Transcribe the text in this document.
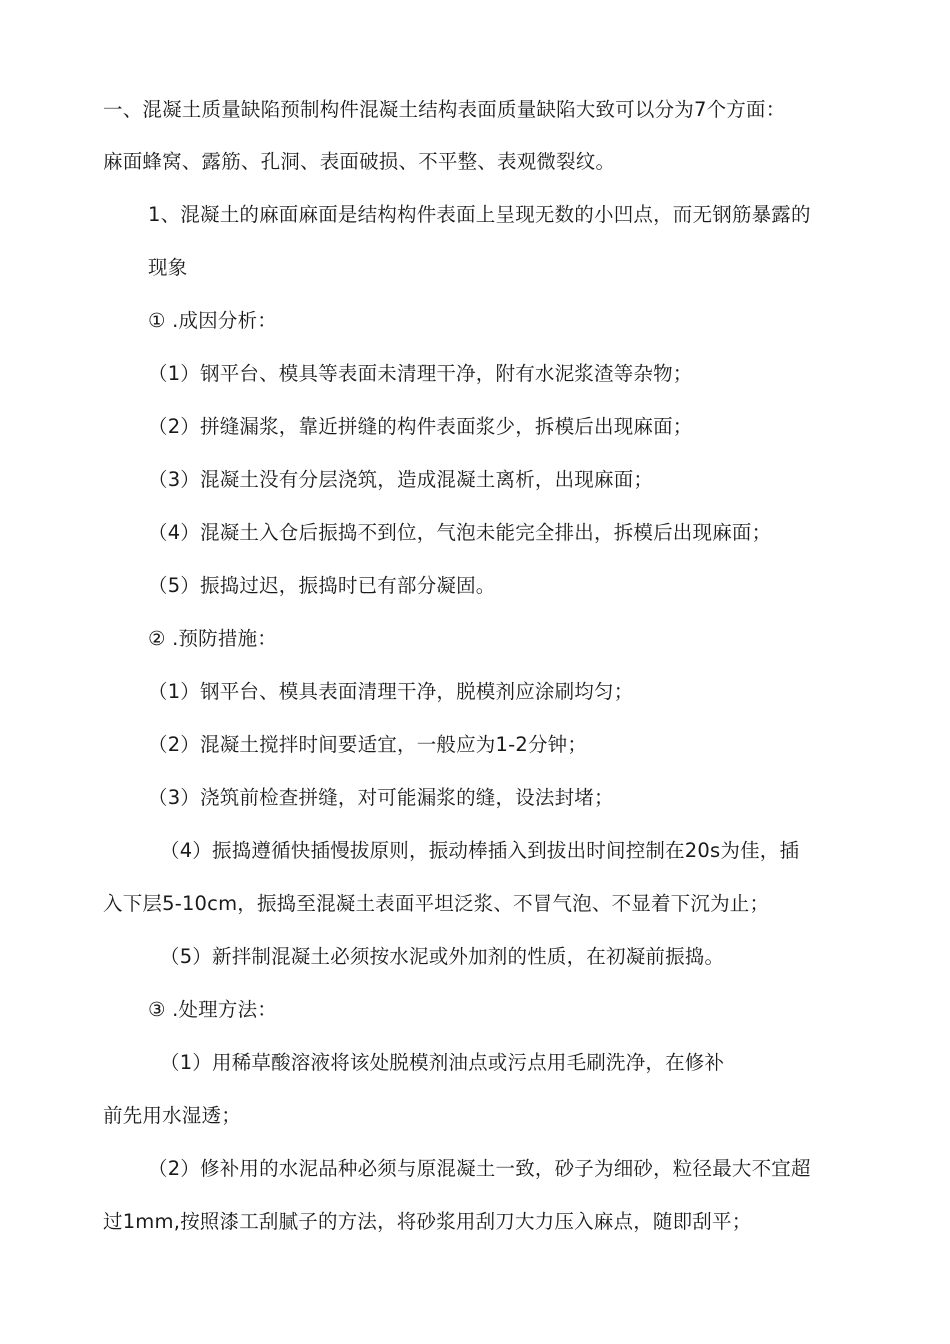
一、混凝土质量缺陷预制构件混凝土结构表面质量缺陷大致可以分为7个方面：
麻面蜂窝、露筋、孔洞、表面破损、不平整、表观微裂纹。
1、混凝土的麻面麻面是结构构件表面上呈现无数的小凹点，而无钢筋暴露的
现象
① .成因分析：
（1）钢平台、模具等表面未清理干净，附有水泥浆渣等杂物；
（2）拼缝漏浆，靠近拼缝的构件表面浆少，拆模后出现麻面；
（3）混凝土没有分层浇筑，造成混凝土离析，出现麻面；
（4）混凝土入仓后振捣不到位，气泡未能完全排出，拆模后出现麻面；
（5）振捣过迟，振捣时已有部分凝固。
② .预防措施：
（1）钢平台、模具表面清理干净，脱模剂应涂刷均匀；
（2）混凝土搅拌时间要适宜，一般应为1-2分钟；
（3）浇筑前检查拼缝，对可能漏浆的缝，设法封堵；
（4）振捣遵循快插慢拔原则，振动棒插入到拔出时间控制在20s为佳，插
入下层5-10cm，振捣至混凝土表面平坦泛浆、不冒气泡、不显着下沉为止；
（5）新拌制混凝土必须按水泥或外加剂的性质，在初凝前振捣。
③ .处理方法：
（1）用稀草酸溶液将该处脱模剂油点或污点用毛刷洗净，在修补
前先用水湿透；
（2）修补用的水泥品种必须与原混凝土一致，砂子为细砂，粒径最大不宜超
过1mm,按照漆工刮腻子的方法，将砂浆用刮刀大力压入麻点，随即刮平；
